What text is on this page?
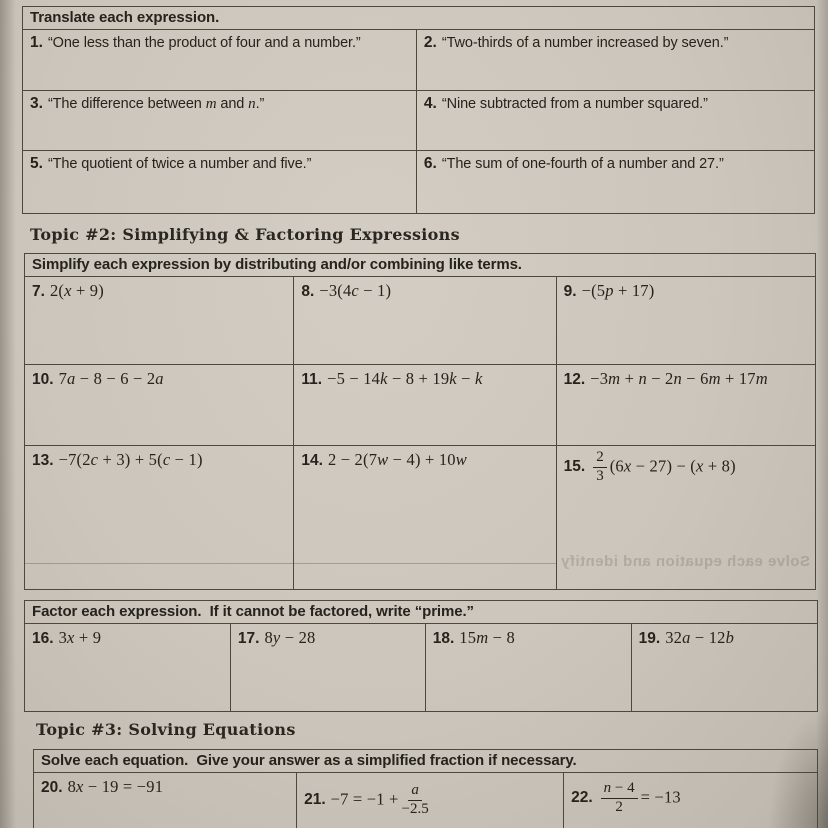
Solve each equation and identify
Translate each expression.
1. “One less than the product of four and a number.”	2. “Two-thirds of a number increased by seven.”
3. “The difference between m and n.”	4. “Nine subtracted from a number squared.”
5. “The quotient of twice a number and five.”	6. “The sum of one-fourth of a number and 27.”
Topic #2: Simplifying & Factoring Expressions
Simplify each expression by distributing and/or combining like terms.
7. 2(x + 9)	8. −3(4c − 1)	9. −(5p + 17)
10. 7a − 8 − 6 − 2a	11. −5 − 14k − 8 + 19k − k	12. −3m + n − 2n − 6m + 17m
13. −7(2c + 3) + 5(c − 1)	14. 2 − 2(7w − 4) + 10w	15. $\frac{2}{3} (6x - 27) - (x + 8)$
Factor each expression.  If it cannot be factored, write “prime.”
16. 3x + 9	17. 8y − 28	18. 15m − 8	19. 32a − 12b
Topic #3: Solving Equations
Solve each equation.  Give your answer as a simplified fraction if necessary.
20. 8x − 19 = −91
21. $-7 = -1 + \frac{a}{-2.5}$	22. $\frac{n - 4}{2} = -13$
